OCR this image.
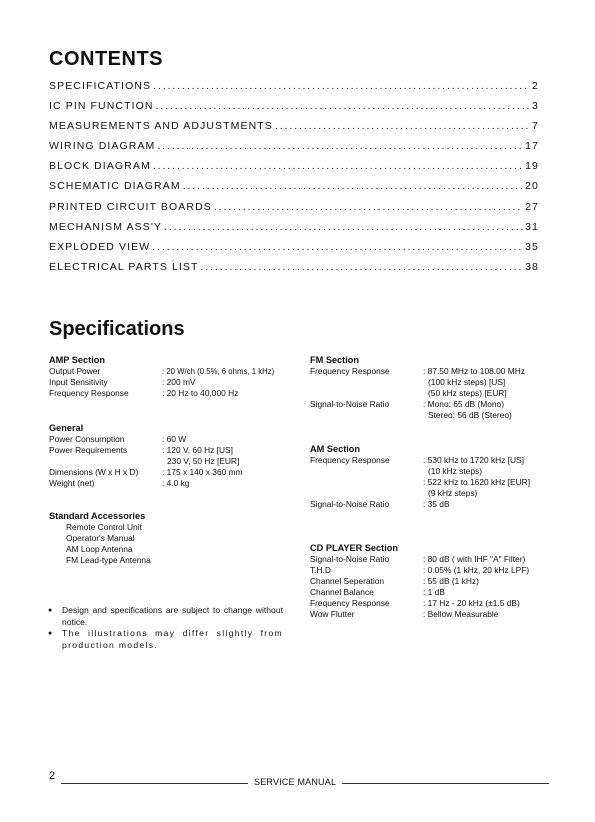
CONTENTS
SPECIFICATIONS .....	2
IC PIN FUNCTION .....	3
MEASUREMENTS AND ADJUSTMENTS .....	7
WIRING DIAGRAM .....	17
BLOCK DIAGRAM .....	19
SCHEMATIC DIAGRAM .....	20
PRINTED CIRCUIT BOARDS .....	27
MECHANISM ASS'Y .....	31
EXPLODED VIEW .....	35
ELECTRICAL PARTS LIST .....	38
Specifications
AMP Section
Output Power	: 20 W/ch (0.5%, 6 ohms, 1 kHz)
Input Sensitivity	: 200 mV
Frequency Response	: 20 Hz to 40,000 Hz
General
Power Consumption	: 60 W
Power Requirements	: 120 V, 60 Hz [US]
230 V, 50 Hz [EUR]
Dimensions (W x H x D)	: 175 x 140 x 360 mm
Weight (net)	: 4.0 kg
Standard Accessories
Remote Control Unit
Operator's Manual
AM Loop Antenna
FM Lead-type Antenna
●	Design and specifications are subject to change without notice.
●	The illustrations may differ slightly from production models.
FM Section
Frequency Response	: 87.50 MHz to 108.00 MHz
(100 kHz steps) [US]
(50 kHz steps) [EUR]
Signal-to-Noise Ratio	: Mono: 65 dB (Mono)
Stereo: 56 dB (Stereo)
AM Section
Frequency Response	: 530 kHz to 1720 kHz [US]
(10 kHz steps)
: 522 kHz to 1620 kHz [EUR]
(9 kHz steps)
Signal-to-Noise Ratio	: 35 dB
CD PLAYER Section
Signal-to-Noise Ratio	: 80 dB ( with IHF "A" Filter)
T.H.D	: 0.05% (1 kHz, 20 kHz LPF)
Channel Seperation	: 55 dB (1 kHz)
Channel Balance	: 1 dB
Frequency Response	: 17 Hz - 20 kHz (±1.5 dB)
Wow Flutter	: Bellow Measurable
2	SERVICE MANUAL
